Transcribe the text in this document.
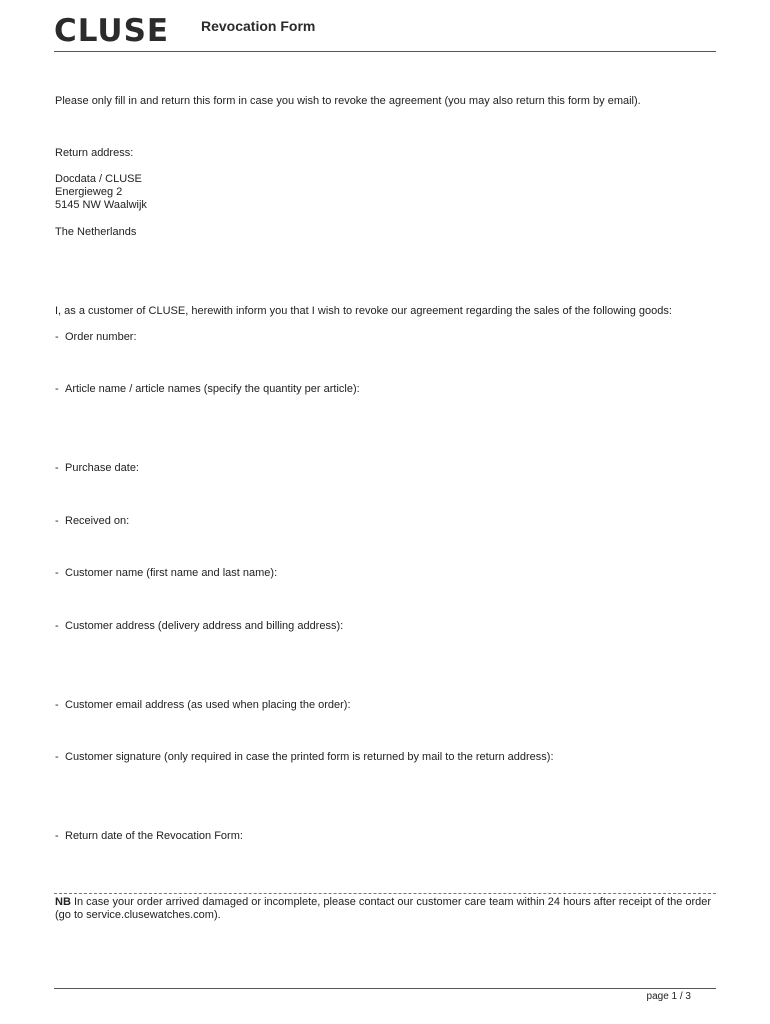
CLUSE Revocation Form
Please only fill in and return this form in case you wish to revoke the agreement (you may also return this form by email).
Return address:
Docdata / CLUSE
Energieweg 2
5145 NW Waalwijk
The Netherlands
I, as a customer of CLUSE, herewith inform you that I wish to revoke our agreement regarding the sales of the following goods:
- Order number:
- Article name / article names (specify the quantity per article):
- Purchase date:
- Received on:
- Customer name (first name and last name):
- Customer address (delivery address and billing address):
- Customer email address (as used when placing the order):
- Customer signature (only required in case the printed form is returned by mail to the return address):
- Return date of the Revocation Form:
NB In case your order arrived damaged or incomplete, please contact our customer care team within 24 hours after receipt of the order (go to service.clusewatches.com).
page 1 / 3
